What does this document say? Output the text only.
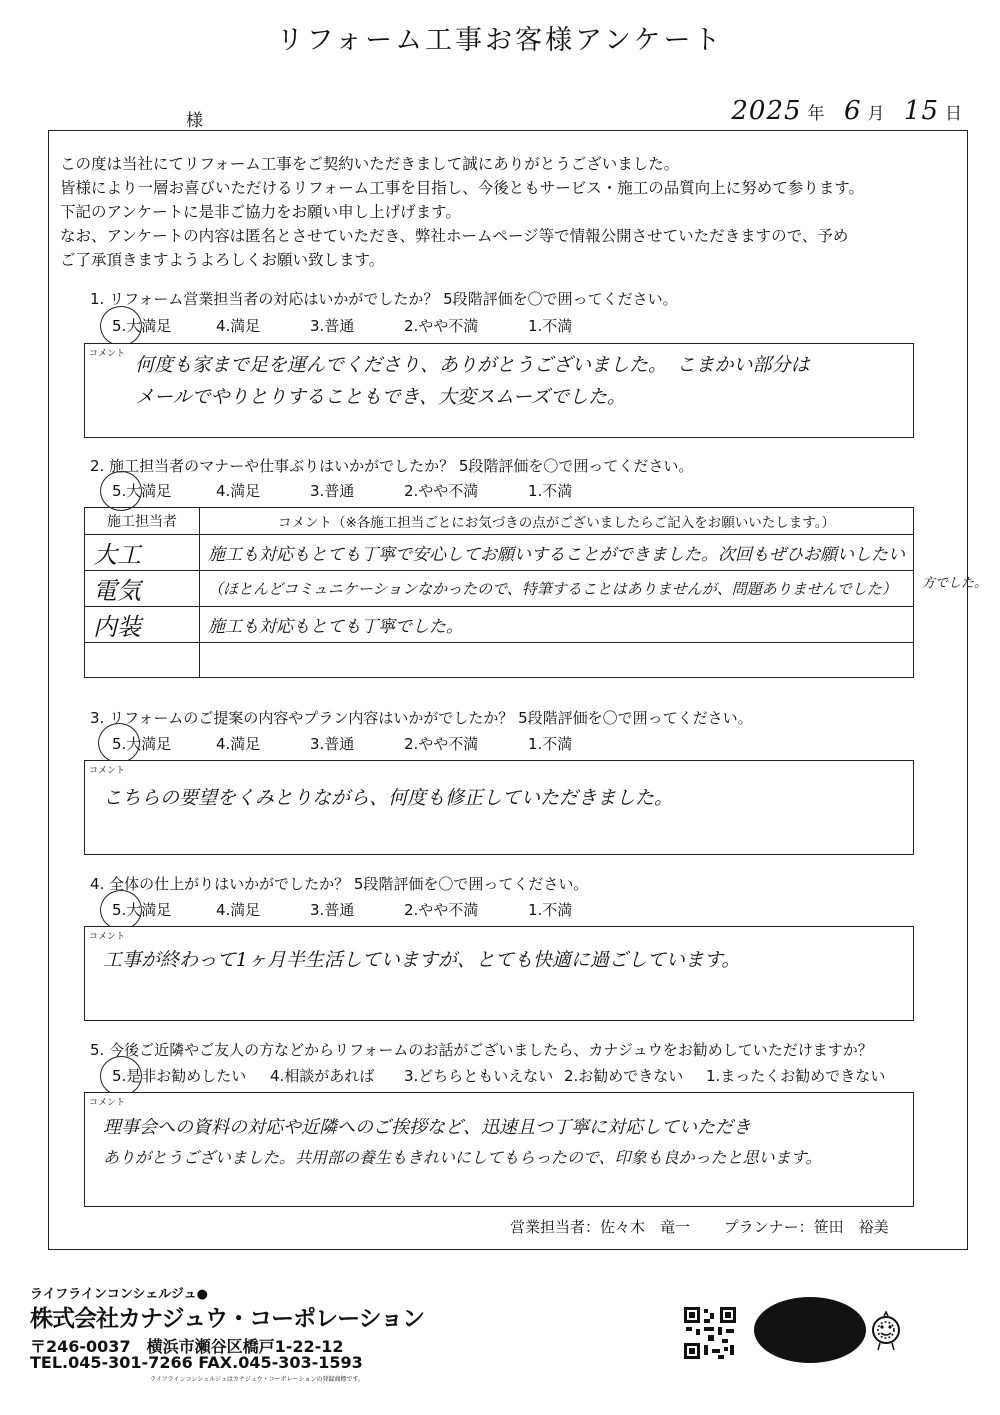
リフォーム工事お客様アンケート
様	2025 年 6 月 15 日
この度は当社にてリフォーム工事をご契約いただきまして誠にありがとうございました。
皆様により一層お喜びいただけるリフォーム工事を目指し、今後ともサービス・施工の品質向上に努めて参ります。
下記のアンケートに是非ご協力をお願い申し上げげます。
なお、アンケートの内容は匿名とさせていただき、弊社ホームページ等で情報公開させていただきますので、予め
ご了承頂きますようよろしくお願い致します。
1. リフォーム営業担当者の対応はいかがでしたか？ 5段階評価を〇で囲ってください。
5.大満足	4.満足	3.普通	2.やや不満	1.不満
コメント 何度も家まで足を運んでくださり、ありがとうございました。　こまかい部分は
メールでやりとりすることもでき、大変スムーズでした。
2. 施工担当者のマナーや仕事ぶりはいかがでしたか？ 5段階評価を〇で囲ってください。
5.大満足	4.満足	3.普通	2.やや不満	1.不満
施工担当者	コメント（※各施工担当ごとにお気づきの点がございましたらご記入をお願いいたします。）
大工	施工も対応もとても丁寧で安心してお願いすることができました。次回もぜひお願いしたい
電気	（ほとんどコミュニケーションなかったので、特筆することはありませんが、問題ありませんでした）
内装	施工も対応もとても丁寧でした。

方でした。
3. リフォームのご提案の内容やプラン内容はいかがでしたか？ 5段階評価を〇で囲ってください。
5.大満足	4.満足	3.普通	2.やや不満	1.不満
コメント
こちらの要望をくみとりながら、何度も修正していただきました。
4. 全体の仕上がりはいかがでしたか？ 5段階評価を〇で囲ってください。
5.大満足	4.満足	3.普通	2.やや不満	1.不満
コメント
工事が終わって1ヶ月半生活していますが、とても快適に過ごしています。
5. 今後ご近隣やご友人の方などからリフォームのお話がございましたら、カナジュウをお勧めしていただけますか？
5.是非お勧めしたい 4.相談があれば 3.どちらともいえない 2.お勧めできない 1.まったくお勧めできない
コメント
理事会への資料の対応や近隣へのご挨拶など、迅速且つ丁寧に対応していただき
ありがとうございました。共用部の養生もきれいにしてもらったので、印象も良かったと思います。
営業担当者：佐々木　竜一 プランナー：笹田　裕美
ライフラインコンシェルジュ●
株式会社カナジュウ・コーポレーション
〒246-0037　横浜市瀬谷区橋戸1-22-12
TEL.045-301-7266 FAX.045-303-1593
ライフラインコンシェルジュはカナジュウ・コーポレーションの登録商標です。
